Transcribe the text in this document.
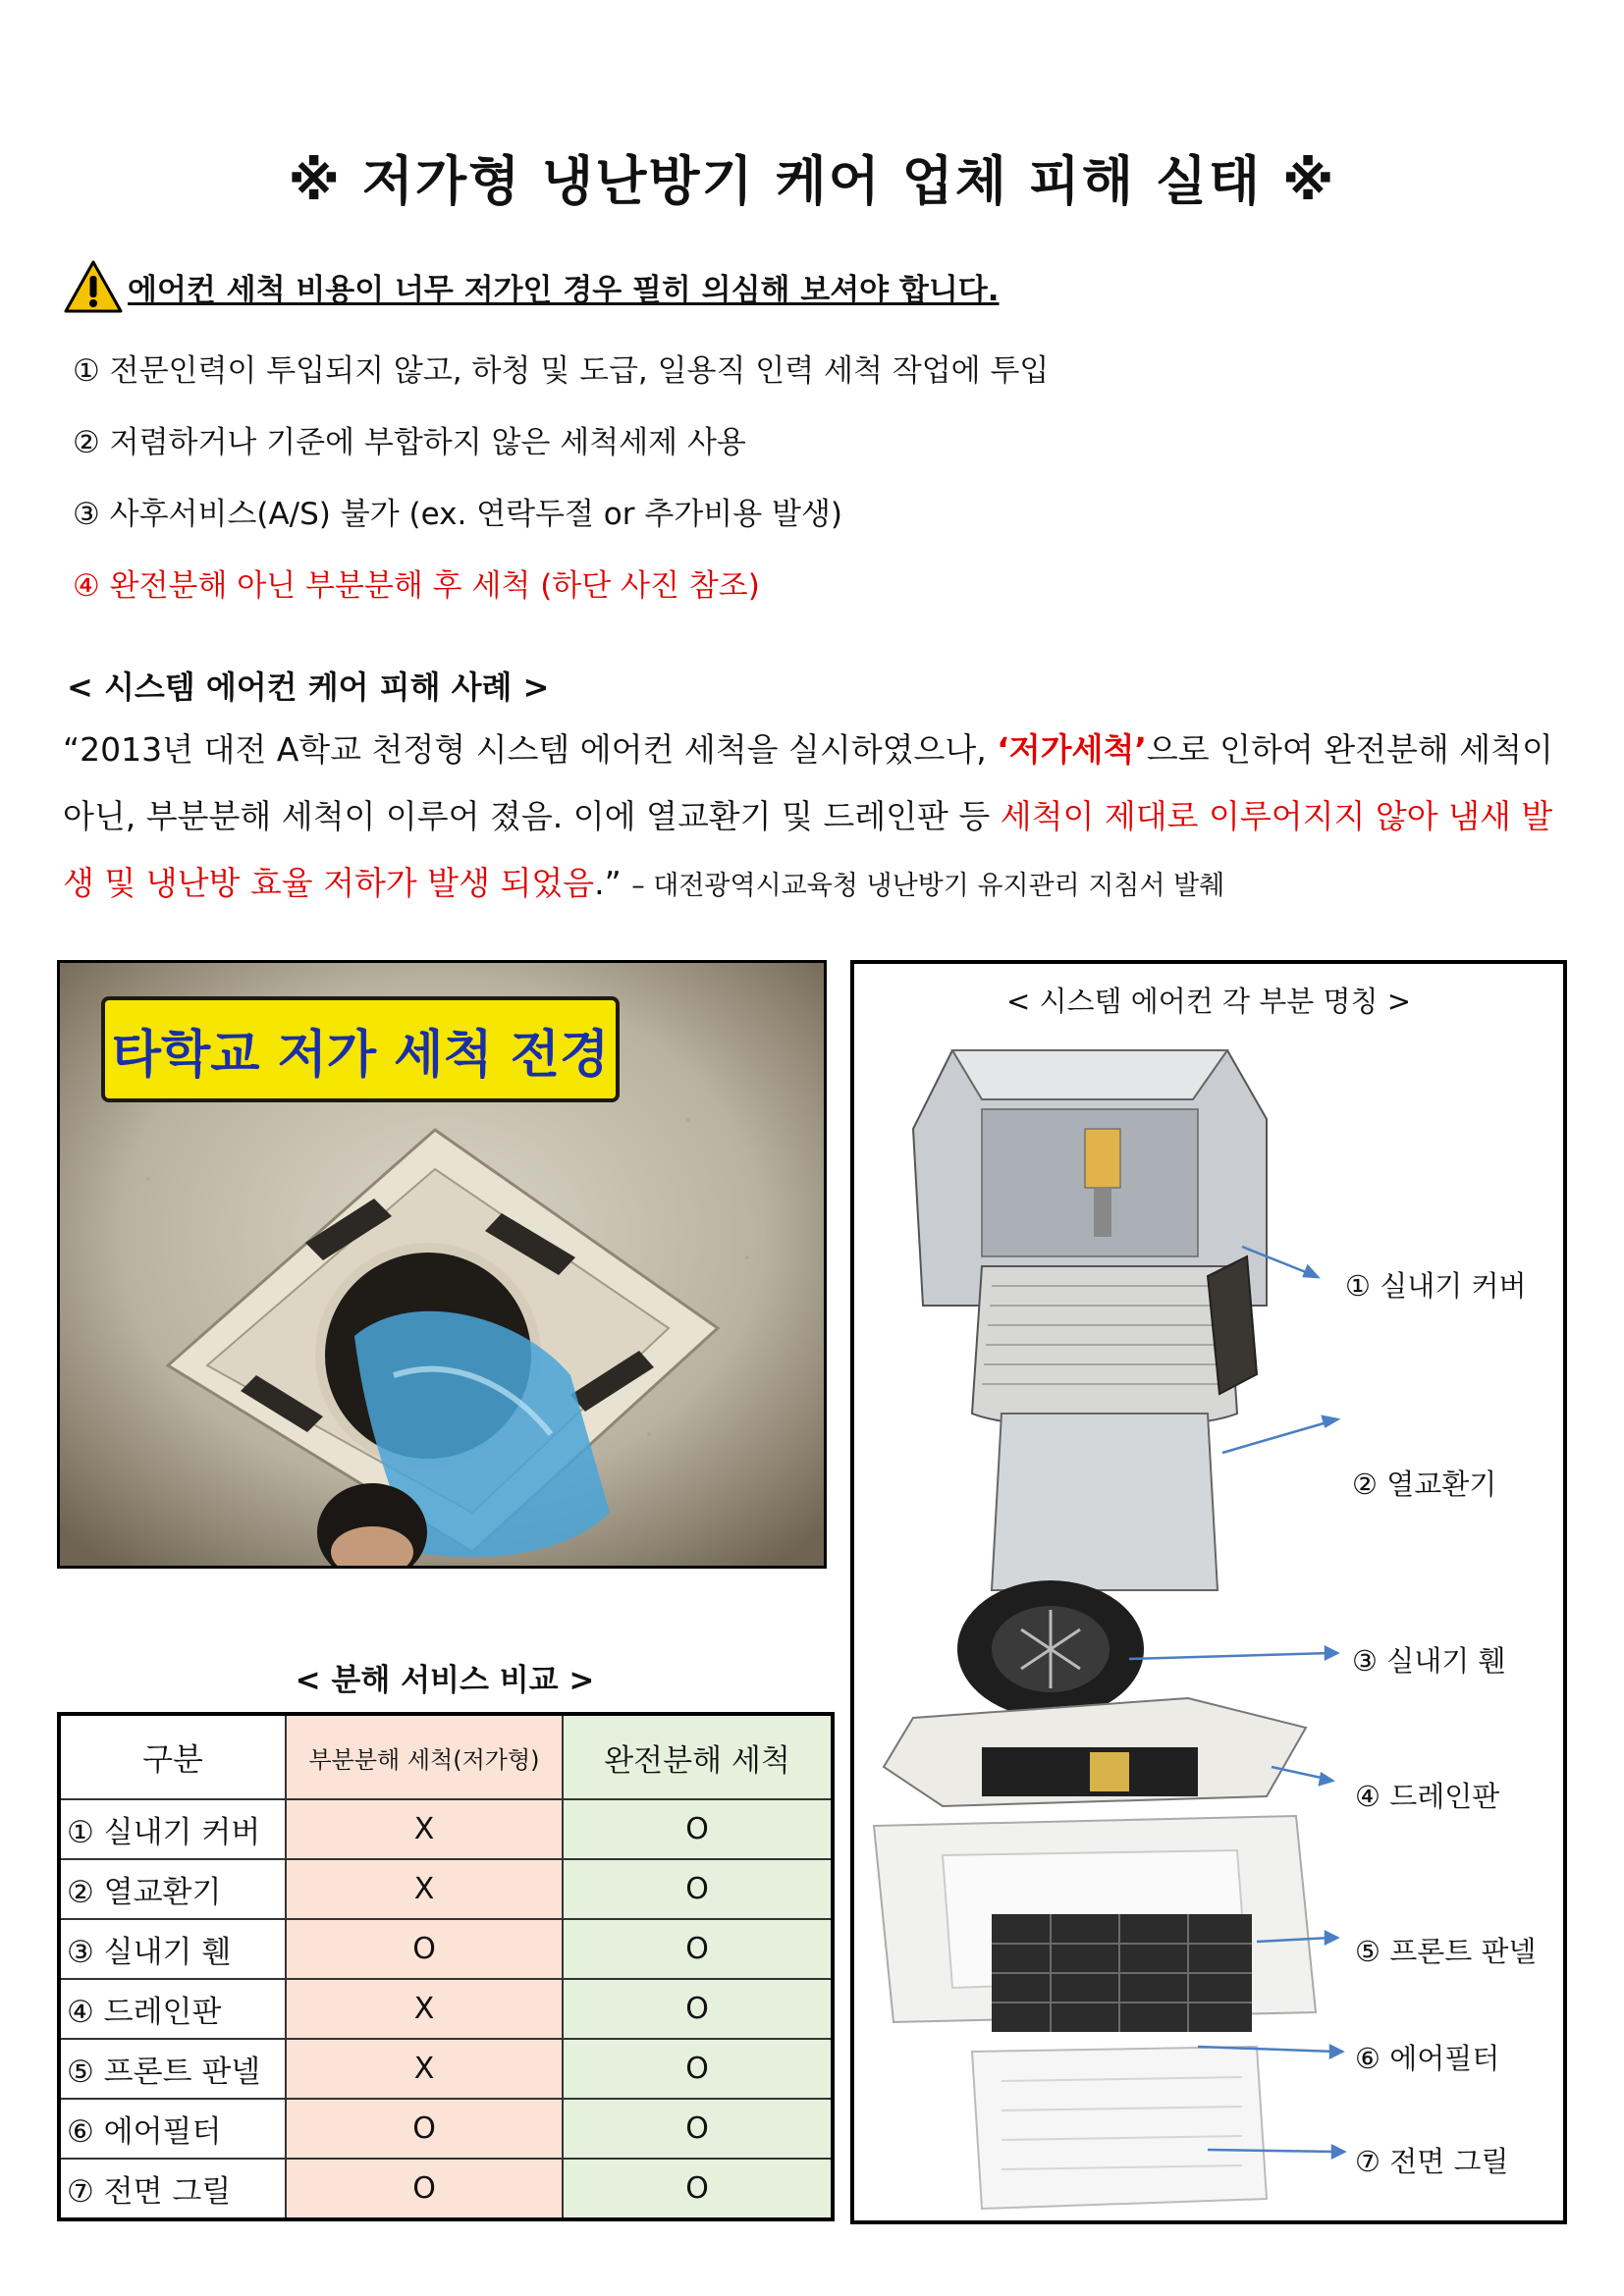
※ 저가형 냉난방기 케어 업체 피해 실태 ※
에어컨 세척 비용이 너무 저가인 경우 필히 의심해 보셔야 합니다.
① 전문인력이 투입되지 않고, 하청 및 도급, 일용직 인력 세척 작업에 투입
② 저렴하거나 기준에 부합하지 않은 세척세제 사용
③ 사후서비스(A/S) 불가 (ex. 연락두절 or 추가비용 발생)
④ 완전분해 아닌 부분분해 후 세척 (하단 사진 참조)
< 시스템 에어컨 케어 피해 사례 >
“2013년 대전 A학교 천정형 시스템 에어컨 세척을 실시하였으나, ‘저가세척’으로 인하여 완전분해 세척이 아닌, 부분분해 세척이 이루어 졌음. 이에 열교환기 및 드레인판 등 세척이 제대로 이루어지지 않아 냄새 발생 및 냉난방 효율 저하가 발생 되었음.” – 대전광역시교육청 냉난방기 유지관리 지침서 발췌
타학교 저가 세척 전경
< 시스템 에어컨 각 부분 명칭 >
① 실내기 커버
② 열교환기
③ 실내기 휀
④ 드레인판
⑤ 프론트 판넬
⑥ 에어필터
⑦ 전면 그릴
< 분해 서비스 비교 >
구분	부분분해 세척(저가형)	완전분해 세척
① 실내기 커버	X	O
② 열교환기	X	O
③ 실내기 휀	O	O
④ 드레인판	X	O
⑤ 프론트 판넬	X	O
⑥ 에어필터	O	O
⑦ 전면 그릴	O	O
